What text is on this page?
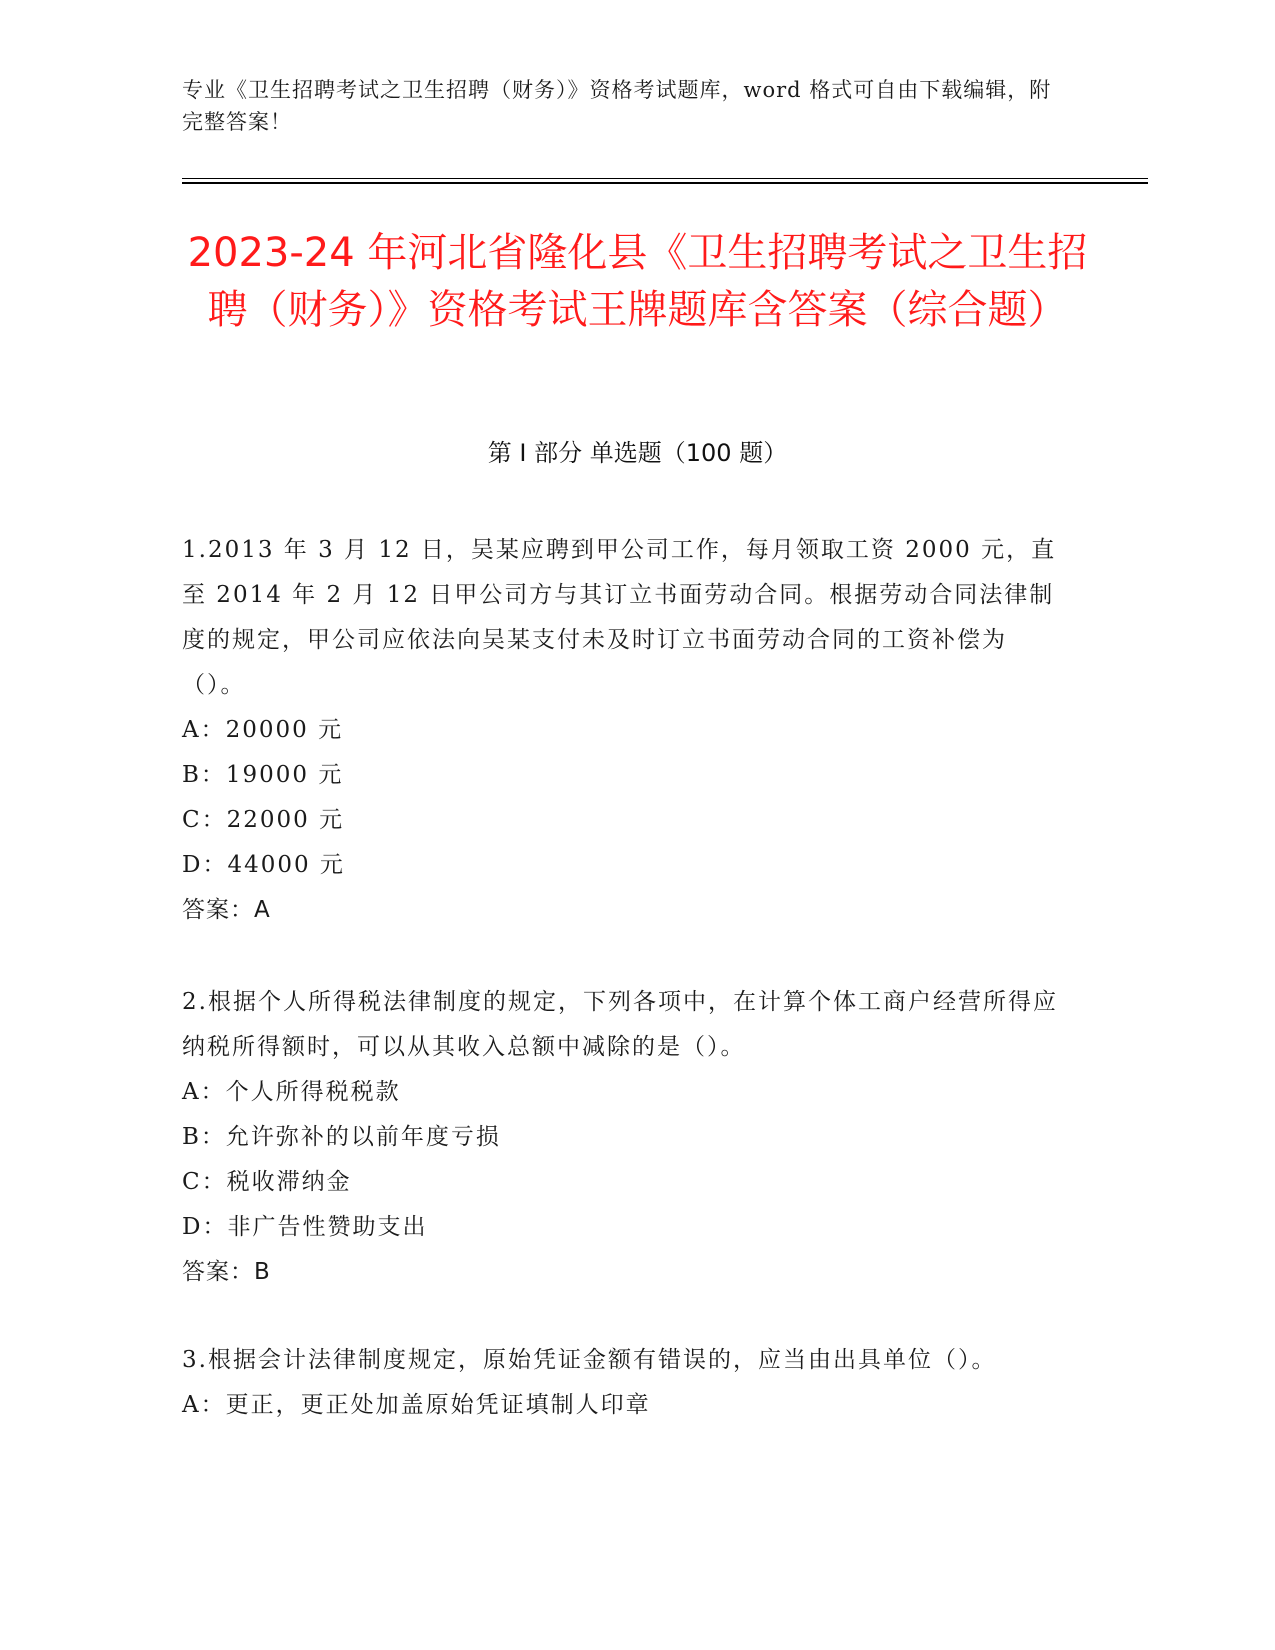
专业《卫生招聘考试之卫生招聘（财务）》资格考试题库，word 格式可自由下载编辑，附完整答案！
2023-24 年河北省隆化县《卫生招聘考试之卫生招聘（财务）》资格考试王牌题库含答案（综合题）
第 I 部分 单选题（100 题）

1.2013 年 3 月 12 日，吴某应聘到甲公司工作，每月领取工资 2000 元，直至 2014 年 2 月 12 日甲公司方与其订立书面劳动合同。根据劳动合同法律制度的规定，甲公司应依法向吴某支付未及时订立书面劳动合同的工资补偿为（）。

A：20000 元

B：19000 元

C：22000 元

D：44000 元

答案：A

2.根据个人所得税法律制度的规定，下列各项中，在计算个体工商户经营所得应纳税所得额时，可以从其收入总额中减除的是（）。

A：个人所得税税款

B：允许弥补的以前年度亏损

C：税收滞纳金

D：非广告性赞助支出

答案：B

3.根据会计法律制度规定，原始凭证金额有错误的，应当由出具单位（）。

A：更正，更正处加盖原始凭证填制人印章
